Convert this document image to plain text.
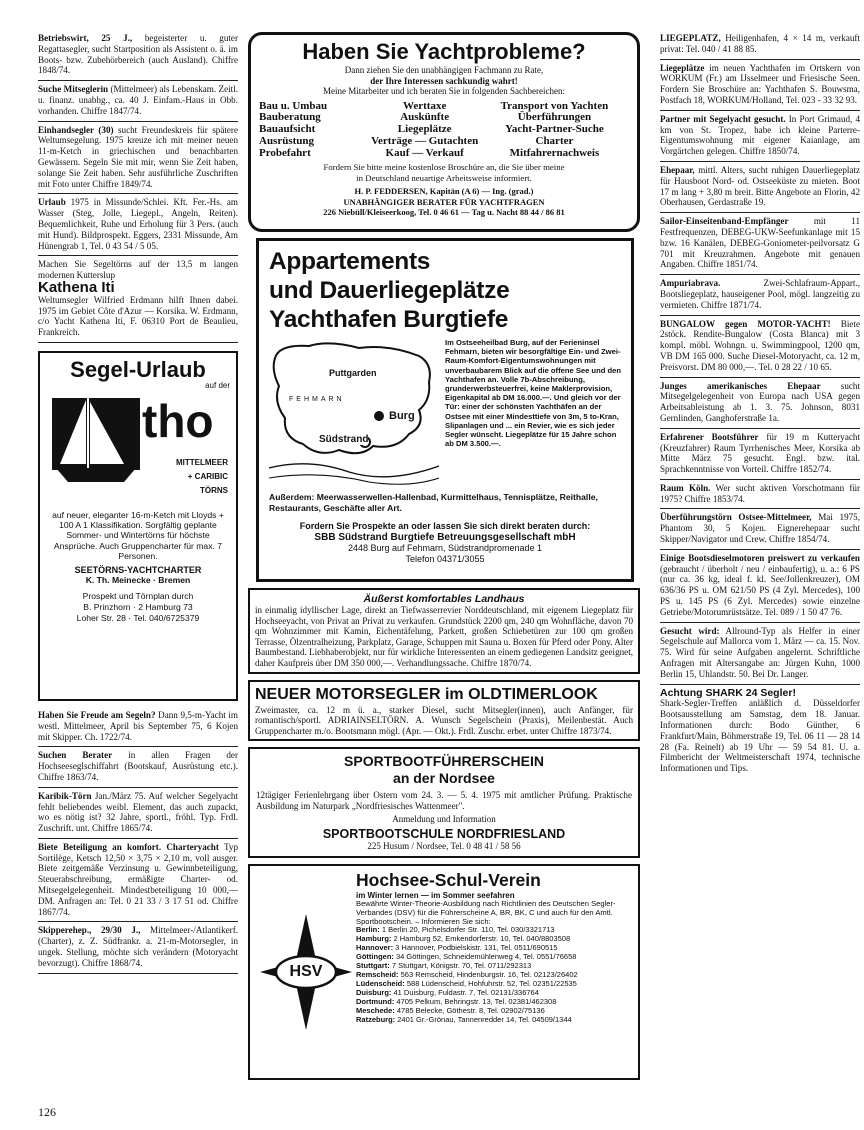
Betriebswirt, 25 J., begeisterter u. guter Regattasegler, sucht Startposition als Assistent o. ä. im Boots- bzw. Zubehörbereich (auch Ausland). Chiffre 1848/74.
Suche Mitseglerin (Mittelmeer) als Lebenskam. Zeitl. u. finanz. unabhg., ca. 40 J. Einfam.-Haus in Obb. vorhanden. Chiffre 1847/74.
Einhandsegler (30) sucht Freundeskreis für spätere Weltumsegelung. 1975 kreuze ich mit meiner neuen 11-m-Ketch in griechischen und benachbarten Gewässern. Segeln Sie mit mir, wenn Sie Zeit haben, solange Sie Zeit haben. Sehr ausführliche Zuschriften mit Foto unter Chiffre 1849/74.
Urlaub 1975 in Missunde/Schlei. Kft. Fer.-Hs. am Wasser (Steg, Jolle, Liegepl., Angeln, Reiten). Bequemlichkeit, Ruhe und Erholung für 3 Pers. (auch mit Hund). Bildprospekt. Eggers, 2331 Missunde, Am Hünengrab 1, Tel. 0 43 54 / 5 05.
Machen Sie Segeltörns auf der 13,5 m langen modernen Kutterslup
Kathena Iti
Weltumsegler Wilfried Erdmann hilft Ihnen dabei. 1975 im Gebiet Côte d'Azur — Korsika. W. Erdmann, c/o Yacht Kathena Iti, F. 06310 Port de Beaulieu, Frankreich.
Segel-Urlaub
auf der
tho
MITTELMEER
+ CARIBIC
TÖRNS
auf neuer, eleganter 16-m-Ketch mit Lloyds + 100 A 1 Klassifikation. Sorgfältig geplante Sommer- und Wintertörns für höchste Ansprüche. Auch Gruppencharter für max. 7 Personen.
SEETÖRNS-YACHTCHARTER
K. Th. Meinecke · Bremen
Prospekt und Törnplan durch
B. Prinzhorn · 2 Hamburg 73
Loher Str. 28 · Tel. 040/6725379
Haben Sie Freude am Segeln? Dann 9,5-m-Yacht im westl. Mittelmeer, April bis September 75, 6 Kojen mit Skipper. Ch. 1722/74.
Suchen Berater in allen Fragen der Hochseeseglschiffahrt (Bootskauf, Ausrüstung etc.). Chiffre 1863/74.
Karibik-Törn Jan./März 75. Auf welcher Segelyacht fehlt beliebendes weibl. Element, das auch zupackt, wo es nötig ist? 32 Jahre, sportl., fröhl. Typ. Frdl. Zuschrift. unt. Chiffre 1865/74.
Biete Beteiligung an komfort. Charteryacht Typ Sortilège, Ketsch 12,50 × 3,75 × 2,10 m, voll ausger. Biete zeitgemäße Verzinsung u. Gewinnbeteiligung, Steuerabschreibung, ermäßigte Charter- od. Mitsegelgelegenheit. Mindestbeteiligung 10 000,— DM. Anfragen an: Tel. 0 21 33 / 3 17 51 od. Chiffre 1867/74.
Skipperehep., 29/30 J., Mittelmeer-/Atlantikerf. (Charter), z. Z. Südfrankr. a. 21-m-Motorsegler, in ungek. Stellung, möchte sich verändern (Motoryacht bevorzugt). Chiffre 1868/74.
Haben Sie Yachtprobleme?
Dann ziehen Sie den unabhängigen Fachmann zu Rate,
der Ihre Interessen sachkundig wahrt!
Meine Mitarbeiter und ich beraten Sie in folgenden Sachbereichen:
Bau u. Umbau	Werttaxe	Transport von Yachten
Bauberatung	Auskünfte	Überführungen
Bauaufsicht	Liegeplätze	Yacht-Partner-Suche
Ausrüstung	Verträge — Gutachten	Charter
Probefahrt	Kauf — Verkauf	Mitfahrernachweis
Fordern Sie bitte meine kostenlose Broschüre an, die Sie über meine
in Deutschland neuartige Arbeitsweise informiert.
H. P. FEDDERSEN, Kapitän (A 6) — Ing. (grad.)
UNABHÄNGIGER BERATER FÜR YACHTFRAGEN
226 Niebüll/Kleiseerkoog, Tel. 0 46 61 — Tag u. Nacht 88 44 / 86 81
Appartements
und Dauerliegeplätze
Yachthafen Burgtiefe
Puttgarden
FEHMARN
Burg
Südstrand
Im Ostseeheilbad Burg, auf der Ferieninsel Fehmarn, bieten wir besorgfältige Ein- und Zwei-Raum-Komfort-Eigentumswohnungen mit unverbaubarem Blick auf die offene See und den Yachthafen an. Volle 7b-Abschreibung, grunderwerbsteuerfrei, keine Maklerprovision, Eigenkapital ab DM 16.000.—. Und gleich vor der Tür: einer der schönsten Yachthäfen an der Ostsee mit einer Mindesttiefe von 3m, 5 to-Kran, Slipanlagen und ... ein Revier, wie es sich jeder Segler wünscht. Liegeplätze für 15 Jahre schon ab DM 3.500.—.
Außerdem: Meerwasserwellen-Hallenbad, Kurmittelhaus, Tennisplätze, Reithalle, Restaurants, Geschäfte aller Art.
Fordern Sie Prospekte an oder lassen Sie sich direkt beraten durch:
SBB Südstrand Burgtiefe Betreuungsgesellschaft mbH
2448 Burg auf Fehmarn, Südstrandpromenade 1
Telefon 04371/3055
Äußerst komfortables Landhaus
in einmalig idyllischer Lage, direkt an Tiefwasserrevier Norddeutschland, mit eigenem Liegeplatz für Hochseeyacht, von Privat an Privat zu verkaufen. Grundstück 2200 qm, 240 qm Wohnfläche, davon 70 qm Wohnzimmer mit Kamin, Eichentäfelung, Parkett, großen Schiebetüren zur 100 qm großen Terrasse, Ölzentralheizung, Parkplatz, Garage, Schuppen mit Sauna u. Boxen für Pferd oder Pony. Alter Baumbestand. Liebhaberobjekt, nur für wirkliche Interessenten an einem gediegenen Landsitz geeignet, daher Kaufpreis über DM 350 000,—. Verhandlungssache. Chiffre 1870/74.
NEUER MOTORSEGLER im OLDTIMERLOOK
Zweimaster, ca. 12 m ü. a., starker Diesel, sucht Mitsegler(innen), auch Anfänger, für romantisch/sportl. ADRIAINSELTÖRN. A. Wunsch Segelschein (Praxis), Meilenbestät. Auch Gruppencharter m./o. Bootsmann mögl. (Apr. — Okt.). Frdl. Zuschr. erbet. unter Chiffre 1873/74.
SPORTBOOTFÜHRERSCHEIN
an der Nordsee
12tägiger Ferienlehrgang über Ostern vom 24. 3. — 5. 4. 1975 mit amtlicher Prüfung. Praktische Ausbildung im Naturpark „Nordfriesisches Wattenmeer".
Anmeldung und Information
SPORTBOOTSCHULE NORDFRIESLAND
225 Husum / Nordsee, Tel. 0 48 41 / 58 56
HSV
Hochsee-Schul-Verein
im Winter lernen — im Sommer seefahren
Bewährte Winter-Theorie-Ausbildung nach Richtlinien des Deutschen Segler-Verbandes (DSV) für die Führerscheine A, BR, BK, C und auch für den Amtl. Sportbootschein. – Informieren Sie sich:
Berlin: 1 Berlin 20, Pichelsdorfer Str. 110, Tel. 030/3321713
Hamburg: 2 Hamburg 52, Emkendorferstr. 10, Tel. 040/8803508
Hannover: 3 Hannover, Podbielskistr. 131, Tel. 0511/690515
Göttingen: 34 Göttingen, Schneidemühlenweg 4, Tel. 0551/76658
Stuttgart: 7 Stuttgart, Königstr. 70, Tel. 0711/292313
Remscheid: 563 Remscheid, Hindenburgstr. 16, Tel. 02123/26402
Lüdenscheid: 588 Lüdenscheid, Hohfuhrstr. 52, Tel. 02351/22535
Duisburg: 41 Duisburg, Fuldastr. 7, Tel. 02131/336764
Dortmund: 4705 Pelkum, Behringstr. 13, Tel. 02381/462308
Meschede: 4785 Belecke, Göthestr. 8, Tel. 02902/75136
Ratzeburg: 2401 Gr.-Grönau, Tannenredder 14, Tel. 04509/1344
LIEGEPLATZ, Heiligenhafen, 4 × 14 m, verkauft privat: Tel. 040 / 41 88 85.
Liegeplätze im neuen Yachthafen im Ortskern von WORKUM (Fr.) am IJsselmeer und Friesische Seen. Fordern Sie Broschüre an: Yachthafen S. Bouwsma, Postfach 18, WORKUM/Holland, Tel. 023 - 33 32 93.
Partner mit Segelyacht gesucht. In Port Grimaud, 4 km von St. Tropez, habe ich kleine Parterre-Eigentumswohnung mit eigener Kaianlage, am Vorgärtchen gelegen. Chiffre 1850/74.
Ehepaar, mittl. Alters, sucht ruhigen Dauerliegeplatz für Hausboot Nord- od. Ostseeküste zu mieten. Boot 17 m lang + 3,80 m breit. Bitte Angebote an Florin, 42 Oberhausen, Gerdastraße 19.
Sailor-Einseitenband-Empfänger mit 11 Festfrequenzen, DEBEG-UKW-Seefunkanlage mit 15 bzw. 16 Kanälen, DEBEG-Goniometer-peilvorsatz G 701 mit Kreuzrahmen. Angebote mit genauen Angaben. Chiffre 1851/74.
Ampuriabrava. Zwei-Schlafraum-Appart., Bootsliegeplatz, hauseigener Pool, mögl. langzeitig zu vermieten. Chiffre 1871/74.
BUNGALOW gegen MOTOR-YACHT! Biete 2stöck. Rendite-Bungalow (Costa Blanca) mit 3 kompl. möbl. Wohngn. u. Swimmingpool, 1200 qm, VB DM 165 000. Suche Diesel-Motoryacht, ca. 12 m, Preisvorst. DM 80 000,—. Tel. 0 28 22 / 10 65.
Junges amerikanisches Ehepaar sucht Mitsegelgelegenheit von Europa nach USA gegen Arbeitsableistung ab 1. 3. 75. Johnson, 8031 Gernlinden, Ganghoferstraße 1a.
Erfahrener Bootsführer für 19 m Kutteryacht (Kreuzfahrer) Raum Tyrrhenisches Meer, Korsika ab Mitte März 75 gesucht. Engl. bzw. ital. Sprachkenntnisse von Vorteil. Chiffre 1852/74.
Raum Köln. Wer sucht aktiven Vorschotmann für 1975? Chiffre 1853/74.
Überführungstörn Ostsee-Mittelmeer, Mai 1975, Phantom 30, 5 Kojen. Eignerehepaar sucht Skipper/Navigator und Crew. Chiffre 1854/74.
Einige Bootsdieselmotoren preiswert zu verkaufen (gebraucht / überholt / neu / einbaufertig), u. a.: 6 PS (nur ca. 36 kg, ideal f. kl. See/Jollenkreuzer), OM 636/36 PS u. OM 621/50 PS (4 Zyl. Mercedes), 100 PS u. 145 PS (6 Zyl. Mercedes) sowie einzelne Getriebe/Motorumrüstsätze. Tel. 089 / 1 50 47 76.
Gesucht wird: Allround-Typ als Helfer in einer Segelschule auf Mallorca vom 1. März — ca. 15. Nov. 75. Wird für seine Aufgaben angelernt. Schriftliche Anfragen mit Altersangabe an: Jürgen Kuhn, 1000 Berlin 15, Uhlandstr. 50. Bei Dr. Langer.
Achtung SHARK 24 Segler!
Shark-Segler-Treffen anläßlich d. Düsseldorfer Bootsausstellung am Samstag, dem 18. Januar. Informationen durch: Bodo Günther, 6 Frankfurt/Main, Böhmerstraße 19, Tel. 06 11 — 28 14 28 (Fa. Reinelt) ab 19 Uhr — 59 54 81. U. a. Filmbericht der Weltmeisterschaft 1974, technische Informationen und Tips.
126
